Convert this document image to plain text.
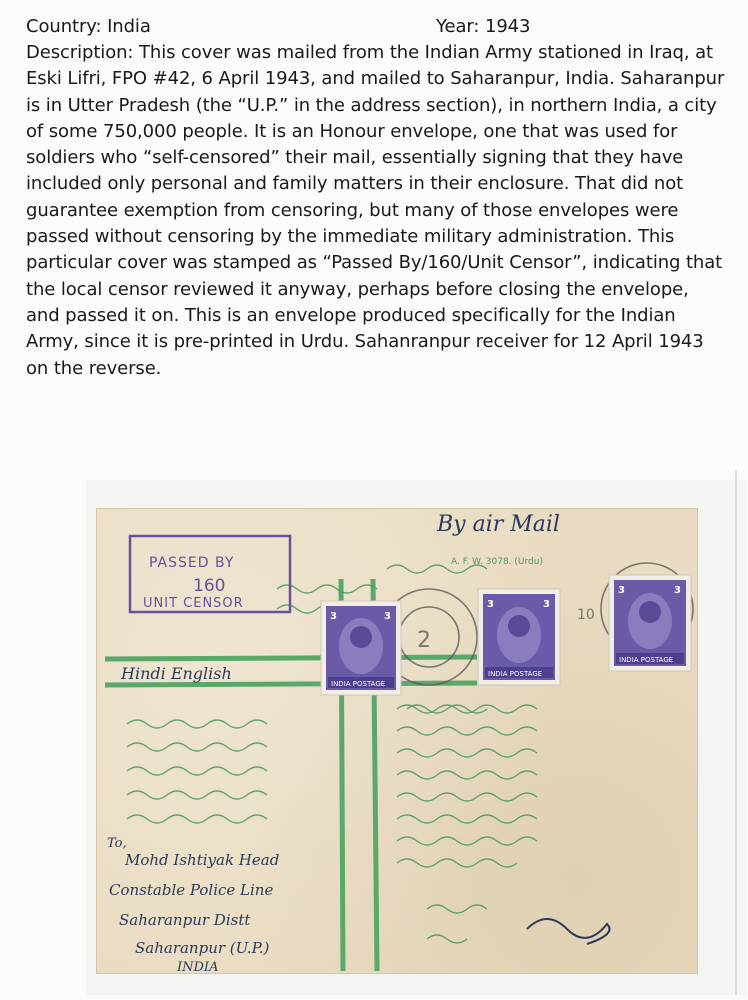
Country: India	Year: 1943

Description: This cover was mailed from the Indian Army stationed in Iraq, at Eski Lifri, FPO #42, 6 April 1943, and mailed to Saharanpur, India. Saharanpur is in Utter Pradesh (the “U.P.” in the address section), in northern India, a city of some 750,000 people. It is an Honour envelope, one that was used for soldiers who “self-censored” their mail, essentially signing that they have included only personal and family matters in their enclosure. That did not guarantee exemption from censoring, but many of those envelopes were passed without censoring by the immediate military administration. This particular cover was stamped as “Passed By/160/Unit Censor”, indicating that the local censor reviewed it anyway, perhaps before closing the envelope, and passed it on. This is an envelope produced specifically for the Indian Army, since it is pre-printed in Urdu. Sahanranpur receiver for 12 April 1943 on the reverse.

A. F. W. 3078. (Urdu)
By air Mail
PASSED BY
160
UNIT CENSOR
2
10
3	3
INDIA POSTAGE
3	3
INDIA POSTAGE
3	3
INDIA POSTAGE
Hindi English
To,
Mohd Ishtiyak Head
Constable Police Line
Saharanpur Distt
Saharanpur (U.P.)
INDIA
